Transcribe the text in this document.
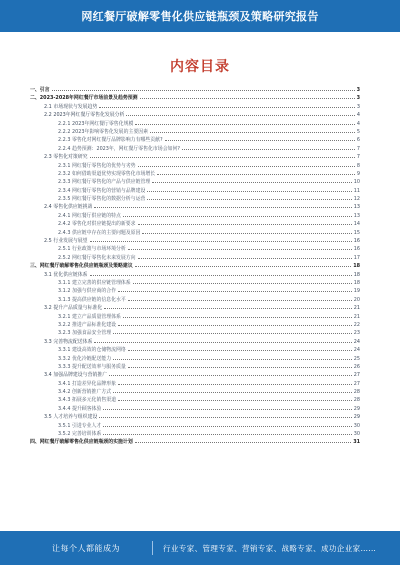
网红餐厅破解零售化供应链瓶颈及策略研究报告
内容目录
一、引言	3
二、2023-2028年网红餐厅市场前景及趋势预测	3
2.1 市场现状与发展趋势	3
2.2 2023年网红餐厅零售化发展分析	4
2.2.1 2023年网红餐厅零售化规模	4
2.2.2 2023年影响零售化发展的主要因素	5
2.2.3 零售化对网红餐厅品牌影响力有哪些贡献?	6
2.2.4 趋势预测：2023年，网红餐厅零售化市场会如何?	7
2.3 零售化对策研究	7
2.3.1 网红餐厅零售化的优势与劣势	8
2.3.2 如何借助渠道优势实现零售化市场增长	9
2.3.3 网红餐厅零售化的产品与供应链管理	10
2.3.4 网红餐厅零售化的营销与品牌建设	11
2.3.5 网红餐厅零售化的数据分析与运营	12
2.4 零售化供应链挑战	13
2.4.1 网红餐厅供应链的特点	13
2.4.2 零售化对供应链提出的新要求	14
2.4.3 供应链中存在的主要问题及原因	15
2.5 行业发展与展望	16
2.5.1 行业政策与市场环境分析	16
2.5.2 网红餐厅零售化未来发展方向	17
三、网红餐厅破解零售化供应链瓶颈及策略建议	18
3.1 优化供应链体系	18
3.1.1 建立完善的供应链管理体系	18
3.1.2 加强与供应商的合作	19
3.1.3 提高供应链的信息化水平	20
3.2 提升产品质量与标准化	21
3.2.1 建立产品质量管理体系	21
3.2.2 推进产品标准化建设	22
3.2.3 加强食品安全管理	23
3.3 完善物流配送体系	24
3.3.1 建设高效的仓储物流网络	24
3.3.2 优化冷链配送能力	25
3.3.3 提升配送效率与服务质量	26
3.4 加强品牌建设与营销推广	27
3.4.1 打造差异化品牌形象	27
3.4.2 创新营销推广方式	28
3.4.3 拓展多元化销售渠道	28
3.4.4 提升顾客体验	29
3.5 人才培养与组织建设	29
3.5.1 引进专业人才	30
3.5.2 完善培训体系	30
四、网红餐厅破解零售化供应链瓶颈的实施计划	31
让每个人都能成为	行业专家、管理专家、营销专家、战略专家、成功企业家……
